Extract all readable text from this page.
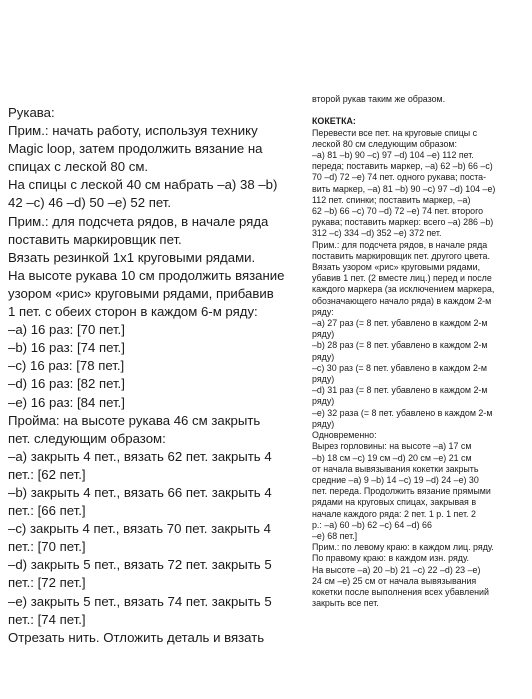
Рукава:
Прим.: начать работу, используя технику
Magic loop, затем продолжить вязание на
спицах с леской 80 см.
На спицы с леской 40 см набрать –a) 38 –b)
42 –c) 46 –d) 50 –e) 52 пет.
Прим.: для подсчета рядов, в начале ряда
поставить маркировщик пет.
Вязать резинкой 1x1 круговыми рядами.
На высоте рукава 10 см продолжить вязание
узором «рис» круговыми рядами, прибавив
1 пет. с обеих сторон в каждом 6-м ряду:
–a) 16 раз: [70 пет.]
–b) 16 раз: [74 пет.]
–c) 16 раз: [78 пет.]
–d) 16 раз: [82 пет.]
–e) 16 раз: [84 пет.]
Пройма: на высоте рукава 46 см закрыть
пет. следующим образом:
–a) закрыть 4 пет., вязать 62 пет. закрыть 4
пет.: [62 пет.]
–b) закрыть 4 пет., вязать 66 пет. закрыть 4
пет.: [66 пет.]
–c) закрыть 4 пет., вязать 70 пет. закрыть 4
пет.: [70 пет.]
–d) закрыть 5 пет., вязать 72 пет. закрыть 5
пет.: [72 пет.]
–e) закрыть 5 пет., вязать 74 пет. закрыть 5
пет.: [74 пет.]
Отрезать нить. Отложить деталь и вязать
второй рукав таким же образом.

КОКЕТКА:
Перевести все пет. на круговые спицы с
леской 80 см следующим образом:
–a) 81 –b) 90 –c) 97 –d) 104 –e) 112 пет.
переда; поставить маркер, –a) 62 –b) 66 –c)
70 –d) 72 –e) 74 пет. одного рукава; поста-
вить маркер, –a) 81 –b) 90 –c) 97 –d) 104 –e)
112 пет. спинки; поставить маркер, –a)
62 –b) 66 –c) 70 –d) 72 –e) 74 пет. второго
рукава; поставить маркер: всего –a) 286 –b)
312 –c) 334 –d) 352 –e) 372 пет.
Прим.: для подсчета рядов, в начале ряда
поставить маркировщик пет. другого цвета.
Вязать узором «рис» круговыми рядами,
убавив 1 пет. (2 вместе лиц.) перед и после
каждого маркера (за исключением маркера,
обозначающего начало ряда) в каждом 2-м
ряду:
–a) 27 раз (= 8 пет. убавлено в каждом 2-м
ряду)
–b) 28 раз (= 8 пет. убавлено в каждом 2-м
ряду)
–c) 30 раз (= 8 пет. убавлено в каждом 2-м
ряду)
–d) 31 раз (= 8 пет. убавлено в каждом 2-м
ряду)
–e) 32 раза (= 8 пет. убавлено в каждом 2-м
ряду)
Одновременно:
Вырез горловины: на высоте –a) 17 см
–b) 18 см –c) 19 см –d) 20 см –e) 21 см
от начала вывязывания кокетки закрыть
средние –a) 9 –b) 14 –c) 19 –d) 24 –e) 30
пет. переда. Продолжить вязание прямыми
рядами на круговых спицах, закрывая в
начале каждого ряда: 2 пет. 1 р. 1 пет. 2
р.: –a) 60 –b) 62 –c) 64 –d) 66
–e) 68 пет.]
Прим.: по левому краю: в каждом лиц. ряду.
По правому краю: в каждом изн. ряду.
На высоте –a) 20 –b) 21 –c) 22 –d) 23 –e)
24 см –e) 25 см от начала вывязывания
кокетки после выполнения всех убавлений
закрыть все пет.
